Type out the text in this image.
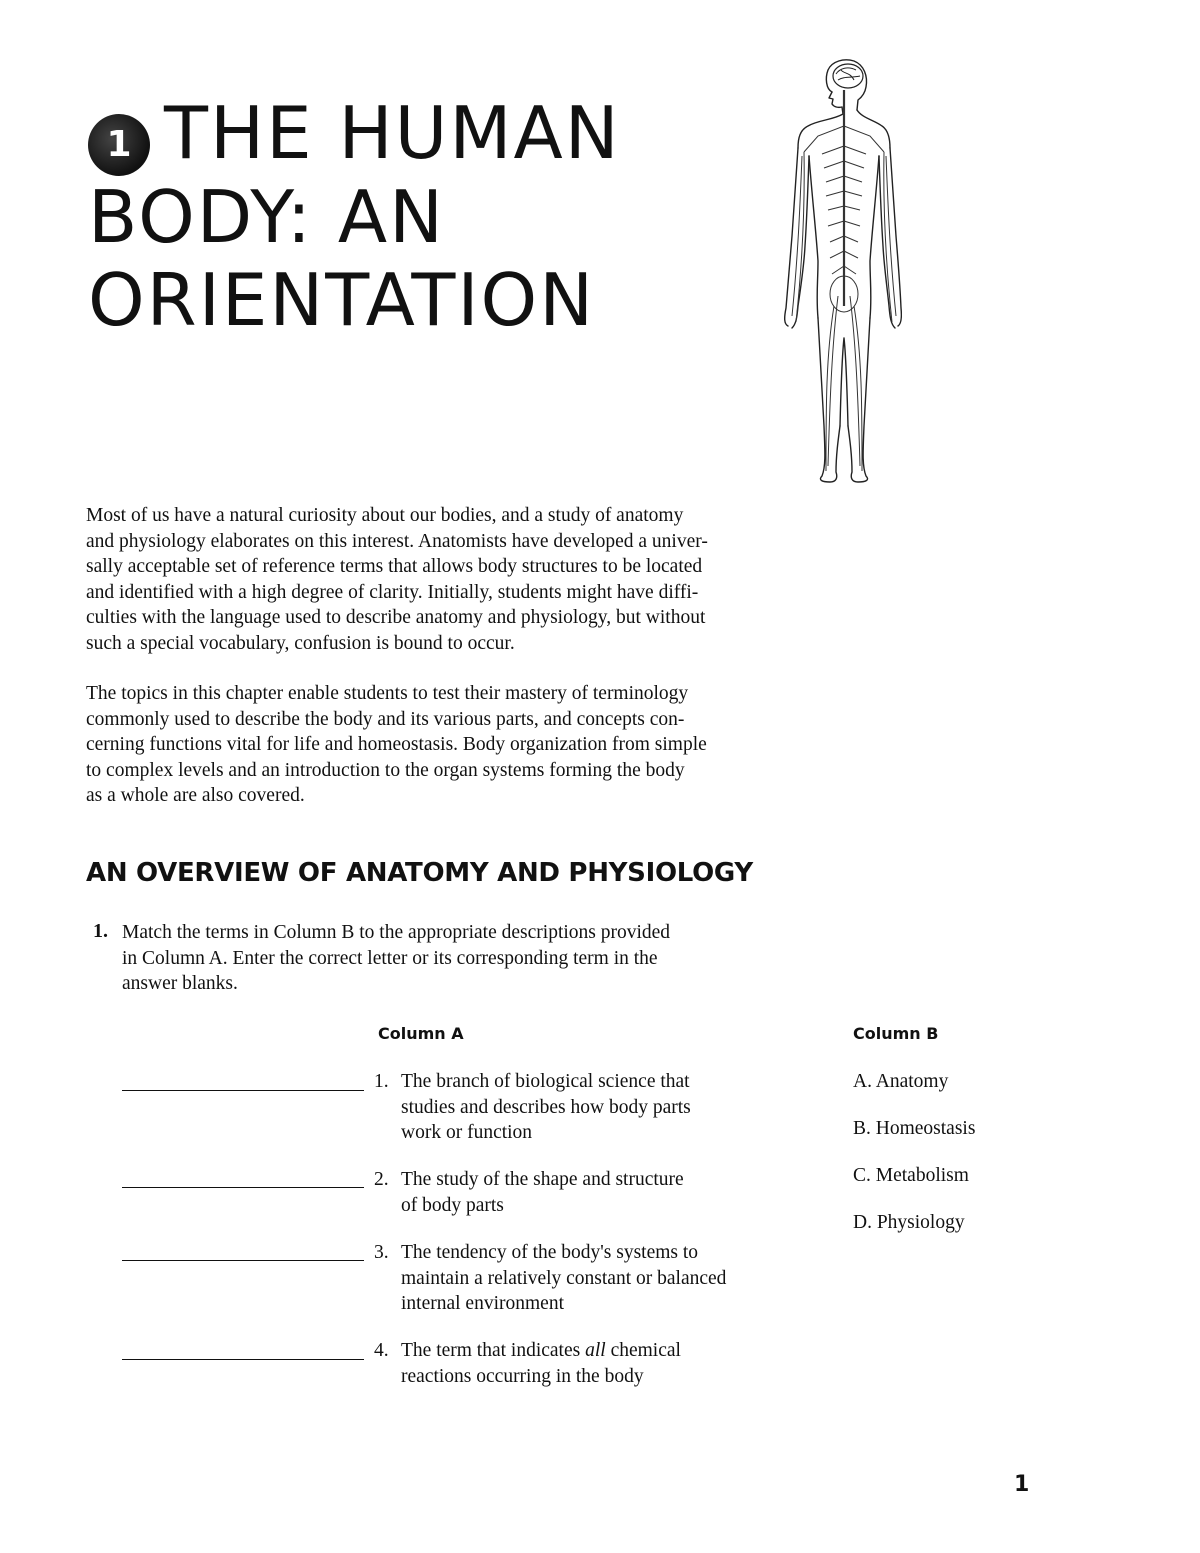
1 THE HUMAN
BODY: AN
ORIENTATION

Most of us have a natural curiosity about our bodies, and a study of anatomy
and physiology elaborates on this interest. Anatomists have developed a univer-
sally acceptable set of reference terms that allows body structures to be located
and identified with a high degree of clarity. Initially, students might have diffi-
culties with the language used to describe anatomy and physiology, but without
such a special vocabulary, confusion is bound to occur.

The topics in this chapter enable students to test their mastery of terminology
commonly used to describe the body and its various parts, and concepts con-
cerning functions vital for life and homeostasis. Body organization from simple
to complex levels and an introduction to the organ systems forming the body
as a whole are also covered.

AN OVERVIEW OF ANATOMY AND PHYSIOLOGY
1. Match the terms in Column B to the appropriate descriptions provided
in Column A. Enter the correct letter or its corresponding term in the
answer blanks.

Column A	Column B
1. The branch of biological science that
studies and describes how body parts
work or function

2. The study of the shape and structure
of body parts

3. The tendency of the body's systems to
maintain a relatively constant or balanced
internal environment

4. The term that indicates all chemical
reactions occurring in the body

A. Anatomy
B. Homeostasis
C. Metabolism
D. Physiology
1
